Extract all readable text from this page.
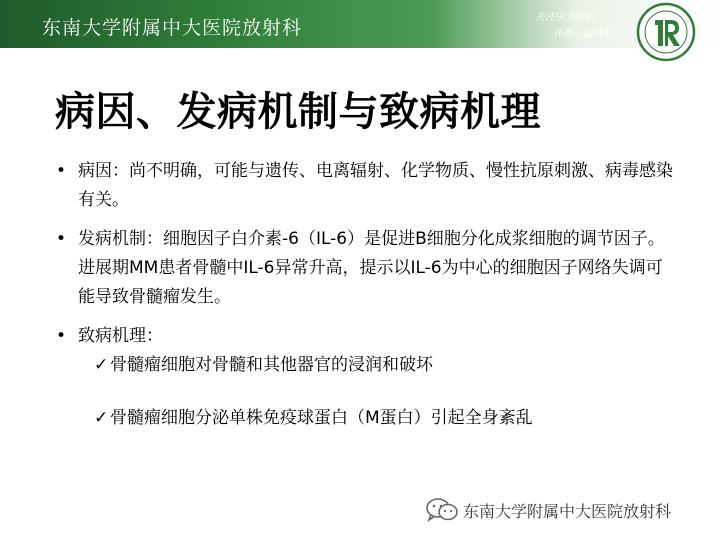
东南大学附属中大医院放射科	关注中大放射
伴你一起成长
病因、发病机制与致病机理
• 病因：尚不明确，可能与遗传、电离辐射、化学物质、慢性抗原刺激、病毒感染有关。
• 发病机制：细胞因子白介素-6（IL-6）是促进B细胞分化成浆细胞的调节因子。进展期MM患者骨髓中IL-6异常升高，提示以IL-6为中心的细胞因子网络失调可能导致骨髓瘤发生。
• 致病机理：
✓ 骨髓瘤细胞对骨髓和其他器官的浸润和破坏
✓ 骨髓瘤细胞分泌单株免疫球蛋白（M蛋白）引起全身紊乱
东南大学附属中大医院放射科
